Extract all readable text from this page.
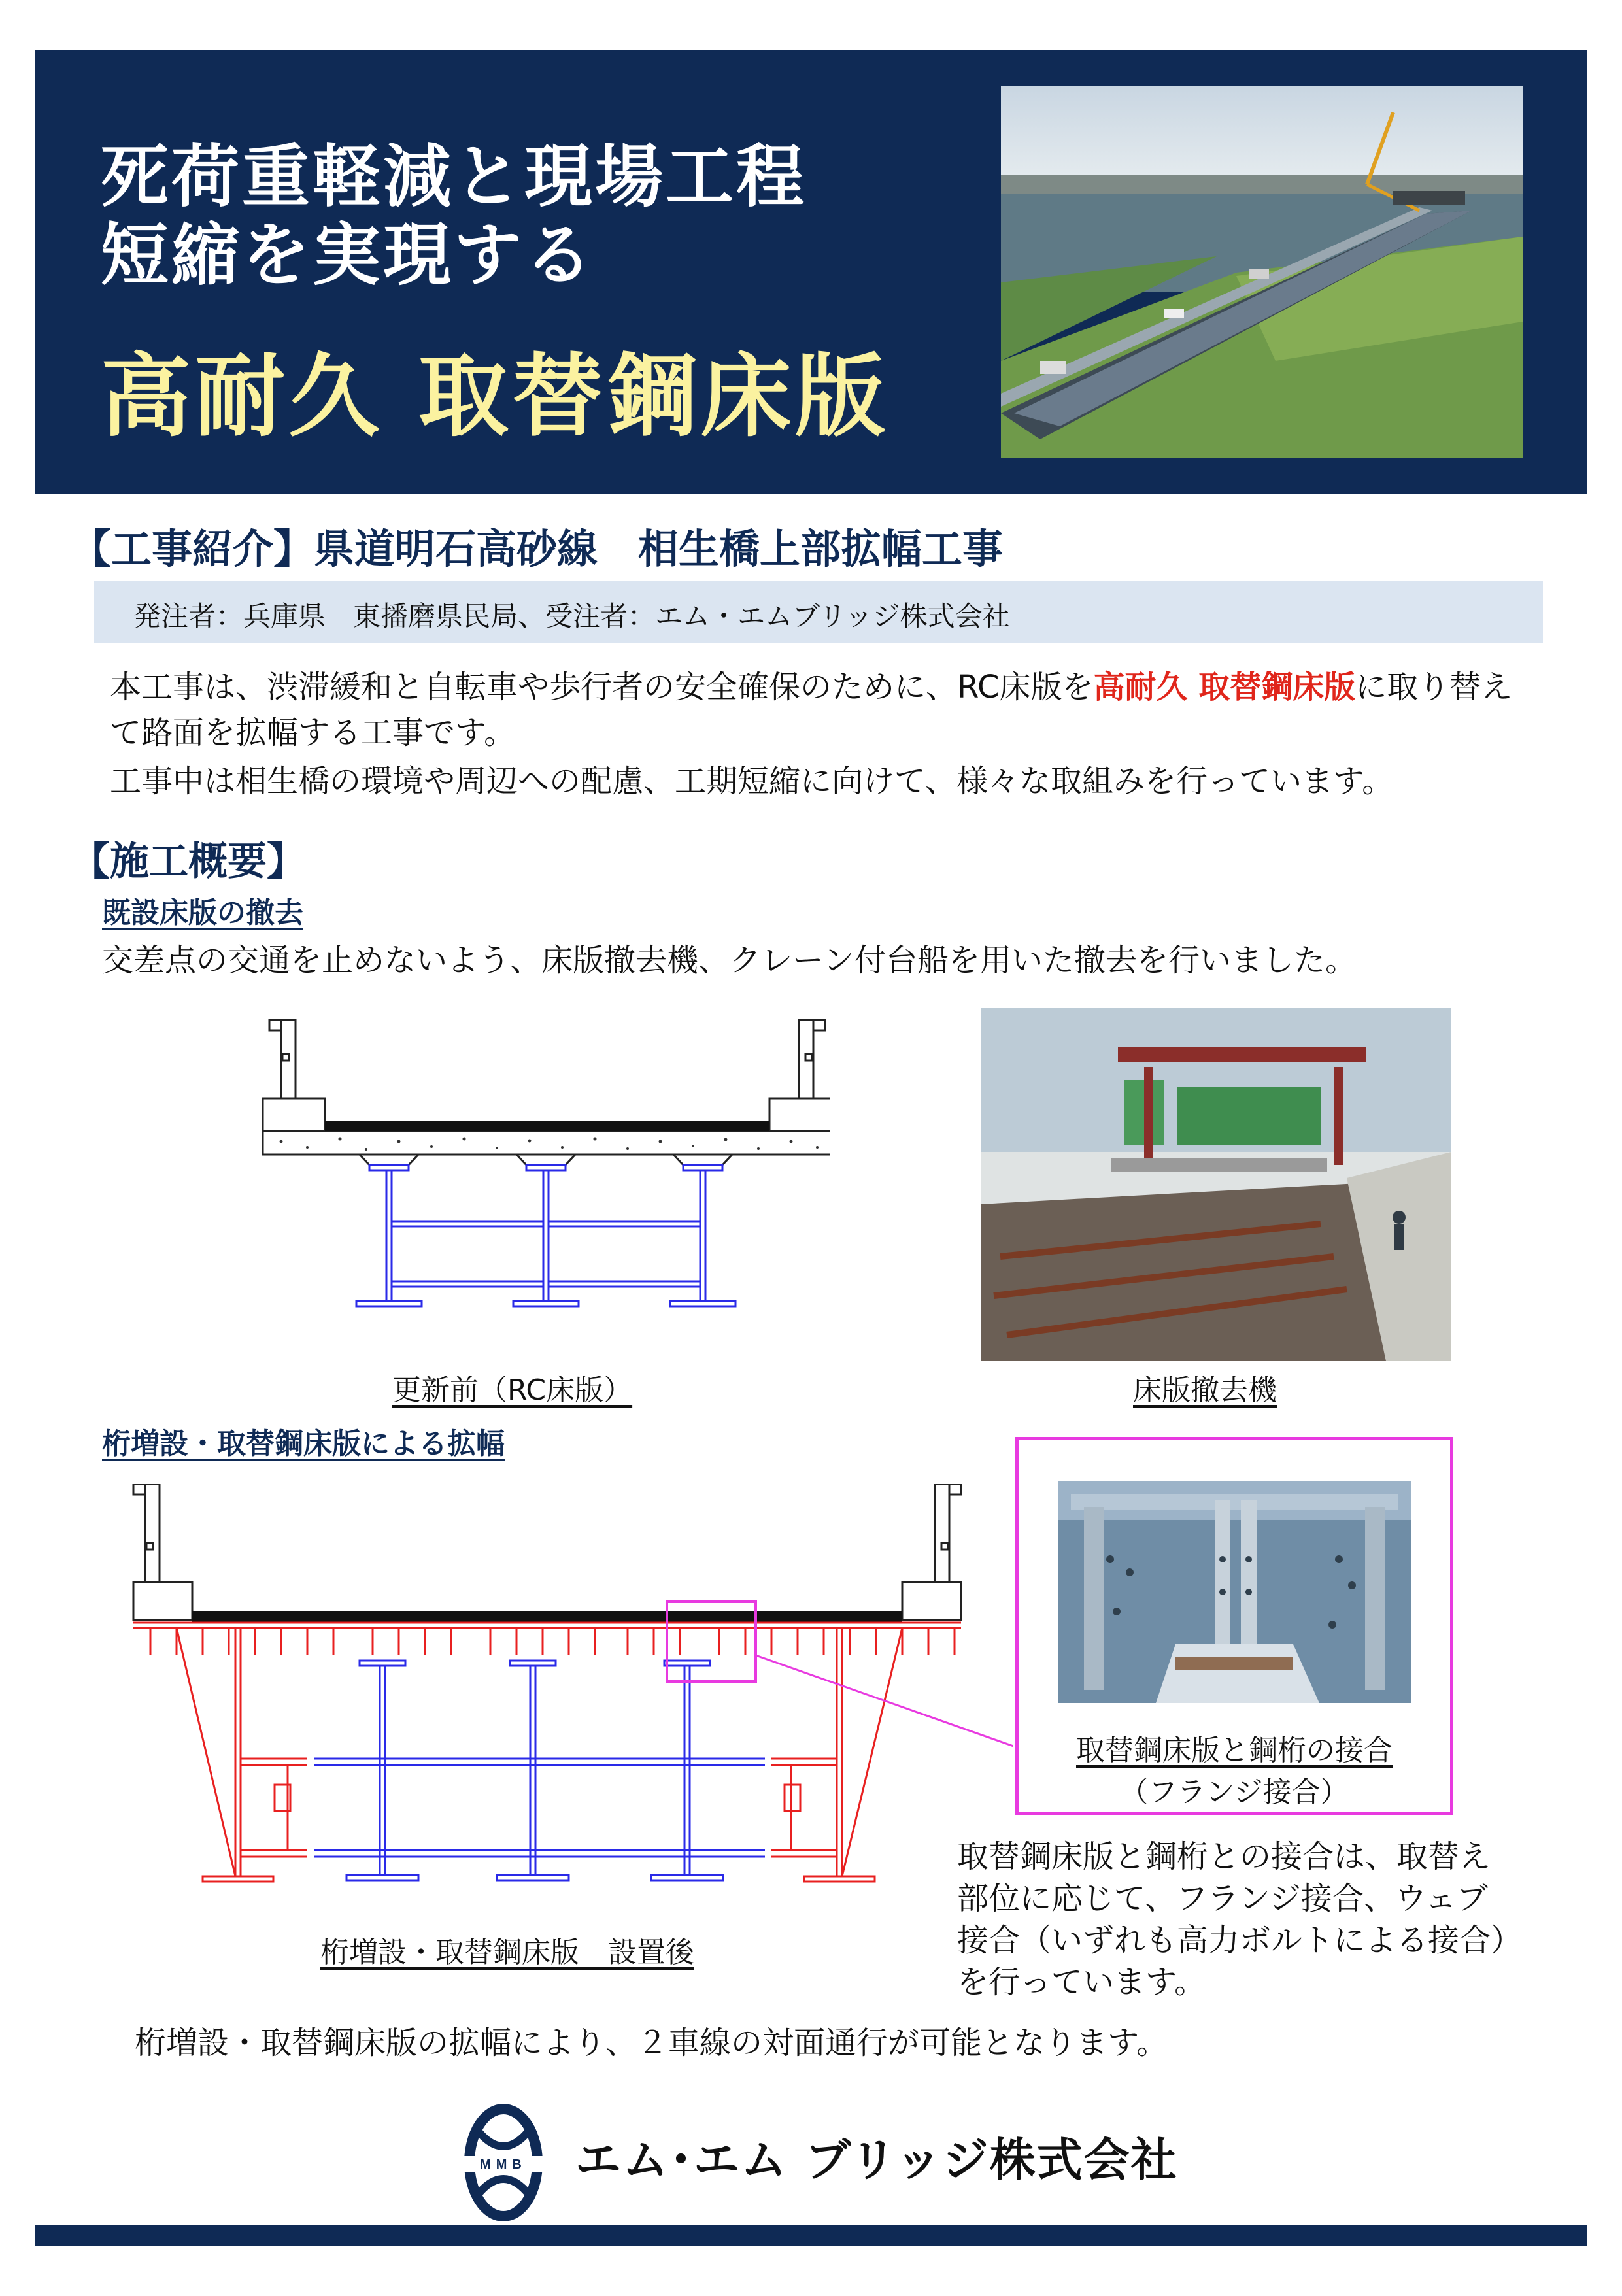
死荷重軽減と現場工程
短縮を実現する
高耐久 取替鋼床版
【工事紹介】県道明石高砂線　相生橋上部拡幅工事
発注者：兵庫県　東播磨県民局、受注者：エム・エムブリッジ株式会社
本工事は、渋滞緩和と自転車や歩行者の安全確保のために、RC床版を高耐久 取替鋼床版に取り替えて路面を拡幅する工事です。
工事中は相生橋の環境や周辺への配慮、工期短縮に向けて、様々な取組みを行っています。
【施工概要】
既設床版の撤去
交差点の交通を止めないよう、床版撤去機、クレーン付台船を用いた撤去を行いました。
更新前（RC床版）	床版撤去機
桁増設・取替鋼床版による拡幅
桁増設・取替鋼床版　設置後
取替鋼床版と鋼桁の接合
（フランジ接合）
取替鋼床版と鋼桁との接合は、取替え部位に応じて、フランジ接合、ウェブ接合（いずれも高力ボルトによる接合）を行っています。
桁増設・取替鋼床版の拡幅により、２車線の対面通行が可能となります。
MMB エム･エム ブリッジ株式会社
